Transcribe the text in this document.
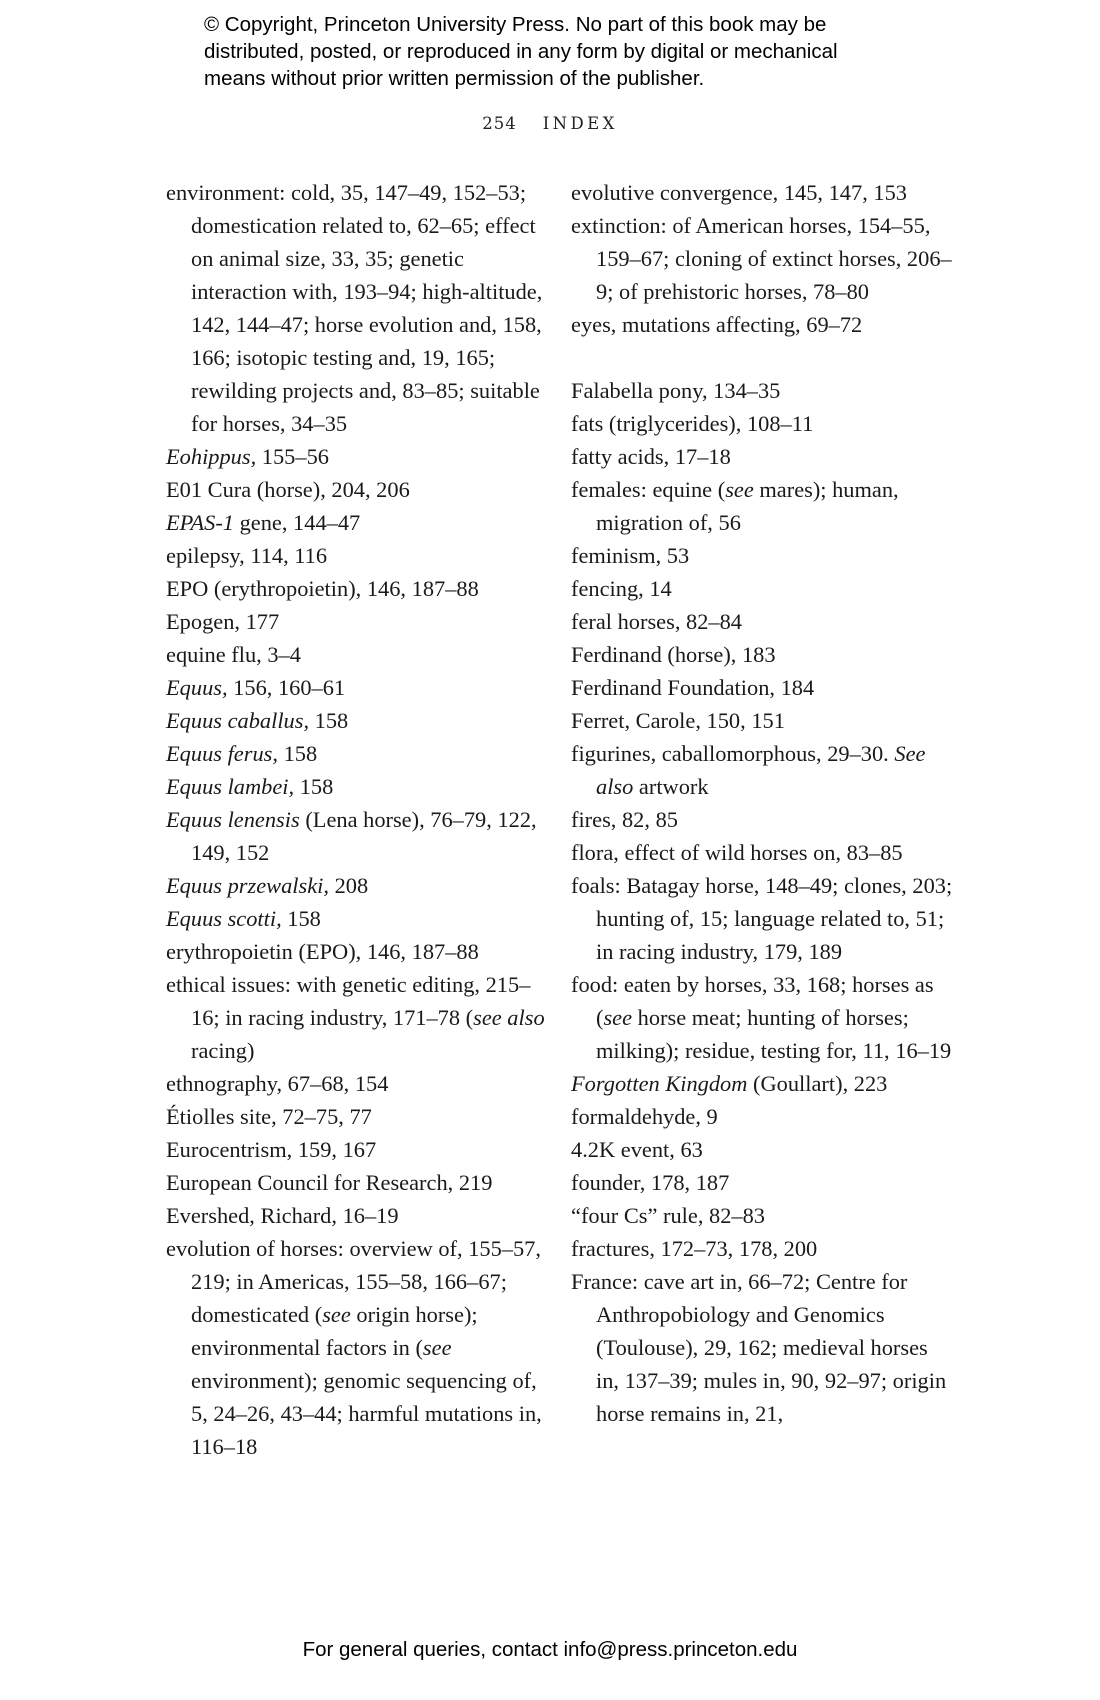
© Copyright, Princeton University Press. No part of this book may be
distributed, posted, or reproduced in any form by digital or mechanical
means without prior written permission of the publisher.
254 INDEX
environment: cold, 35, 147–49, 152–53; domestication related to, 62–65; effect on animal size, 33, 35; genetic interaction with, 193–94; high-altitude, 142, 144–47; horse evolution and, 158, 166; isotopic testing and, 19, 165; rewilding projects and, 83–85; suitable for horses, 34–35
Eohippus, 155–56
E01 Cura (horse), 204, 206
EPAS-1 gene, 144–47
epilepsy, 114, 116
EPO (erythropoietin), 146, 187–88
Epogen, 177
equine flu, 3–4
Equus, 156, 160–61
Equus caballus, 158
Equus ferus, 158
Equus lambei, 158
Equus lenensis (Lena horse), 76–79, 122, 149, 152
Equus przewalski, 208
Equus scotti, 158
erythropoietin (EPO), 146, 187–88
ethical issues: with genetic editing, 215–16; in racing industry, 171–78 (see also racing)
ethnography, 67–68, 154
Étiolles site, 72–75, 77
Eurocentrism, 159, 167
European Council for Research, 219
Evershed, Richard, 16–19
evolution of horses: overview of, 155–57, 219; in Americas, 155–58, 166–67; domesticated (see origin horse); environmental factors in (see environment); genomic sequencing of, 5, 24–26, 43–44; harmful mutations in, 116–18
evolutive convergence, 145, 147, 153
extinction: of American horses, 154–55, 159–67; cloning of extinct horses, 206–9; of prehistoric horses, 78–80
eyes, mutations affecting, 69–72
Falabella pony, 134–35
fats (triglycerides), 108–11
fatty acids, 17–18
females: equine (see mares); human, migration of, 56
feminism, 53
fencing, 14
feral horses, 82–84
Ferdinand (horse), 183
Ferdinand Foundation, 184
Ferret, Carole, 150, 151
figurines, caballomorphous, 29–30. See also artwork
fires, 82, 85
flora, effect of wild horses on, 83–85
foals: Batagay horse, 148–49; clones, 203; hunting of, 15; language related to, 51; in racing industry, 179, 189
food: eaten by horses, 33, 168; horses as (see horse meat; hunting of horses; milking); residue, testing for, 11, 16–19
Forgotten Kingdom (Goullart), 223
formaldehyde, 9
4.2K event, 63
founder, 178, 187
“four Cs” rule, 82–83
fractures, 172–73, 178, 200
France: cave art in, 66–72; Centre for Anthropobiology and Genomics (Toulouse), 29, 162; medieval horses in, 137–39; mules in, 90, 92–97; origin horse remains in, 21,
For general queries, contact info@press.princeton.edu
